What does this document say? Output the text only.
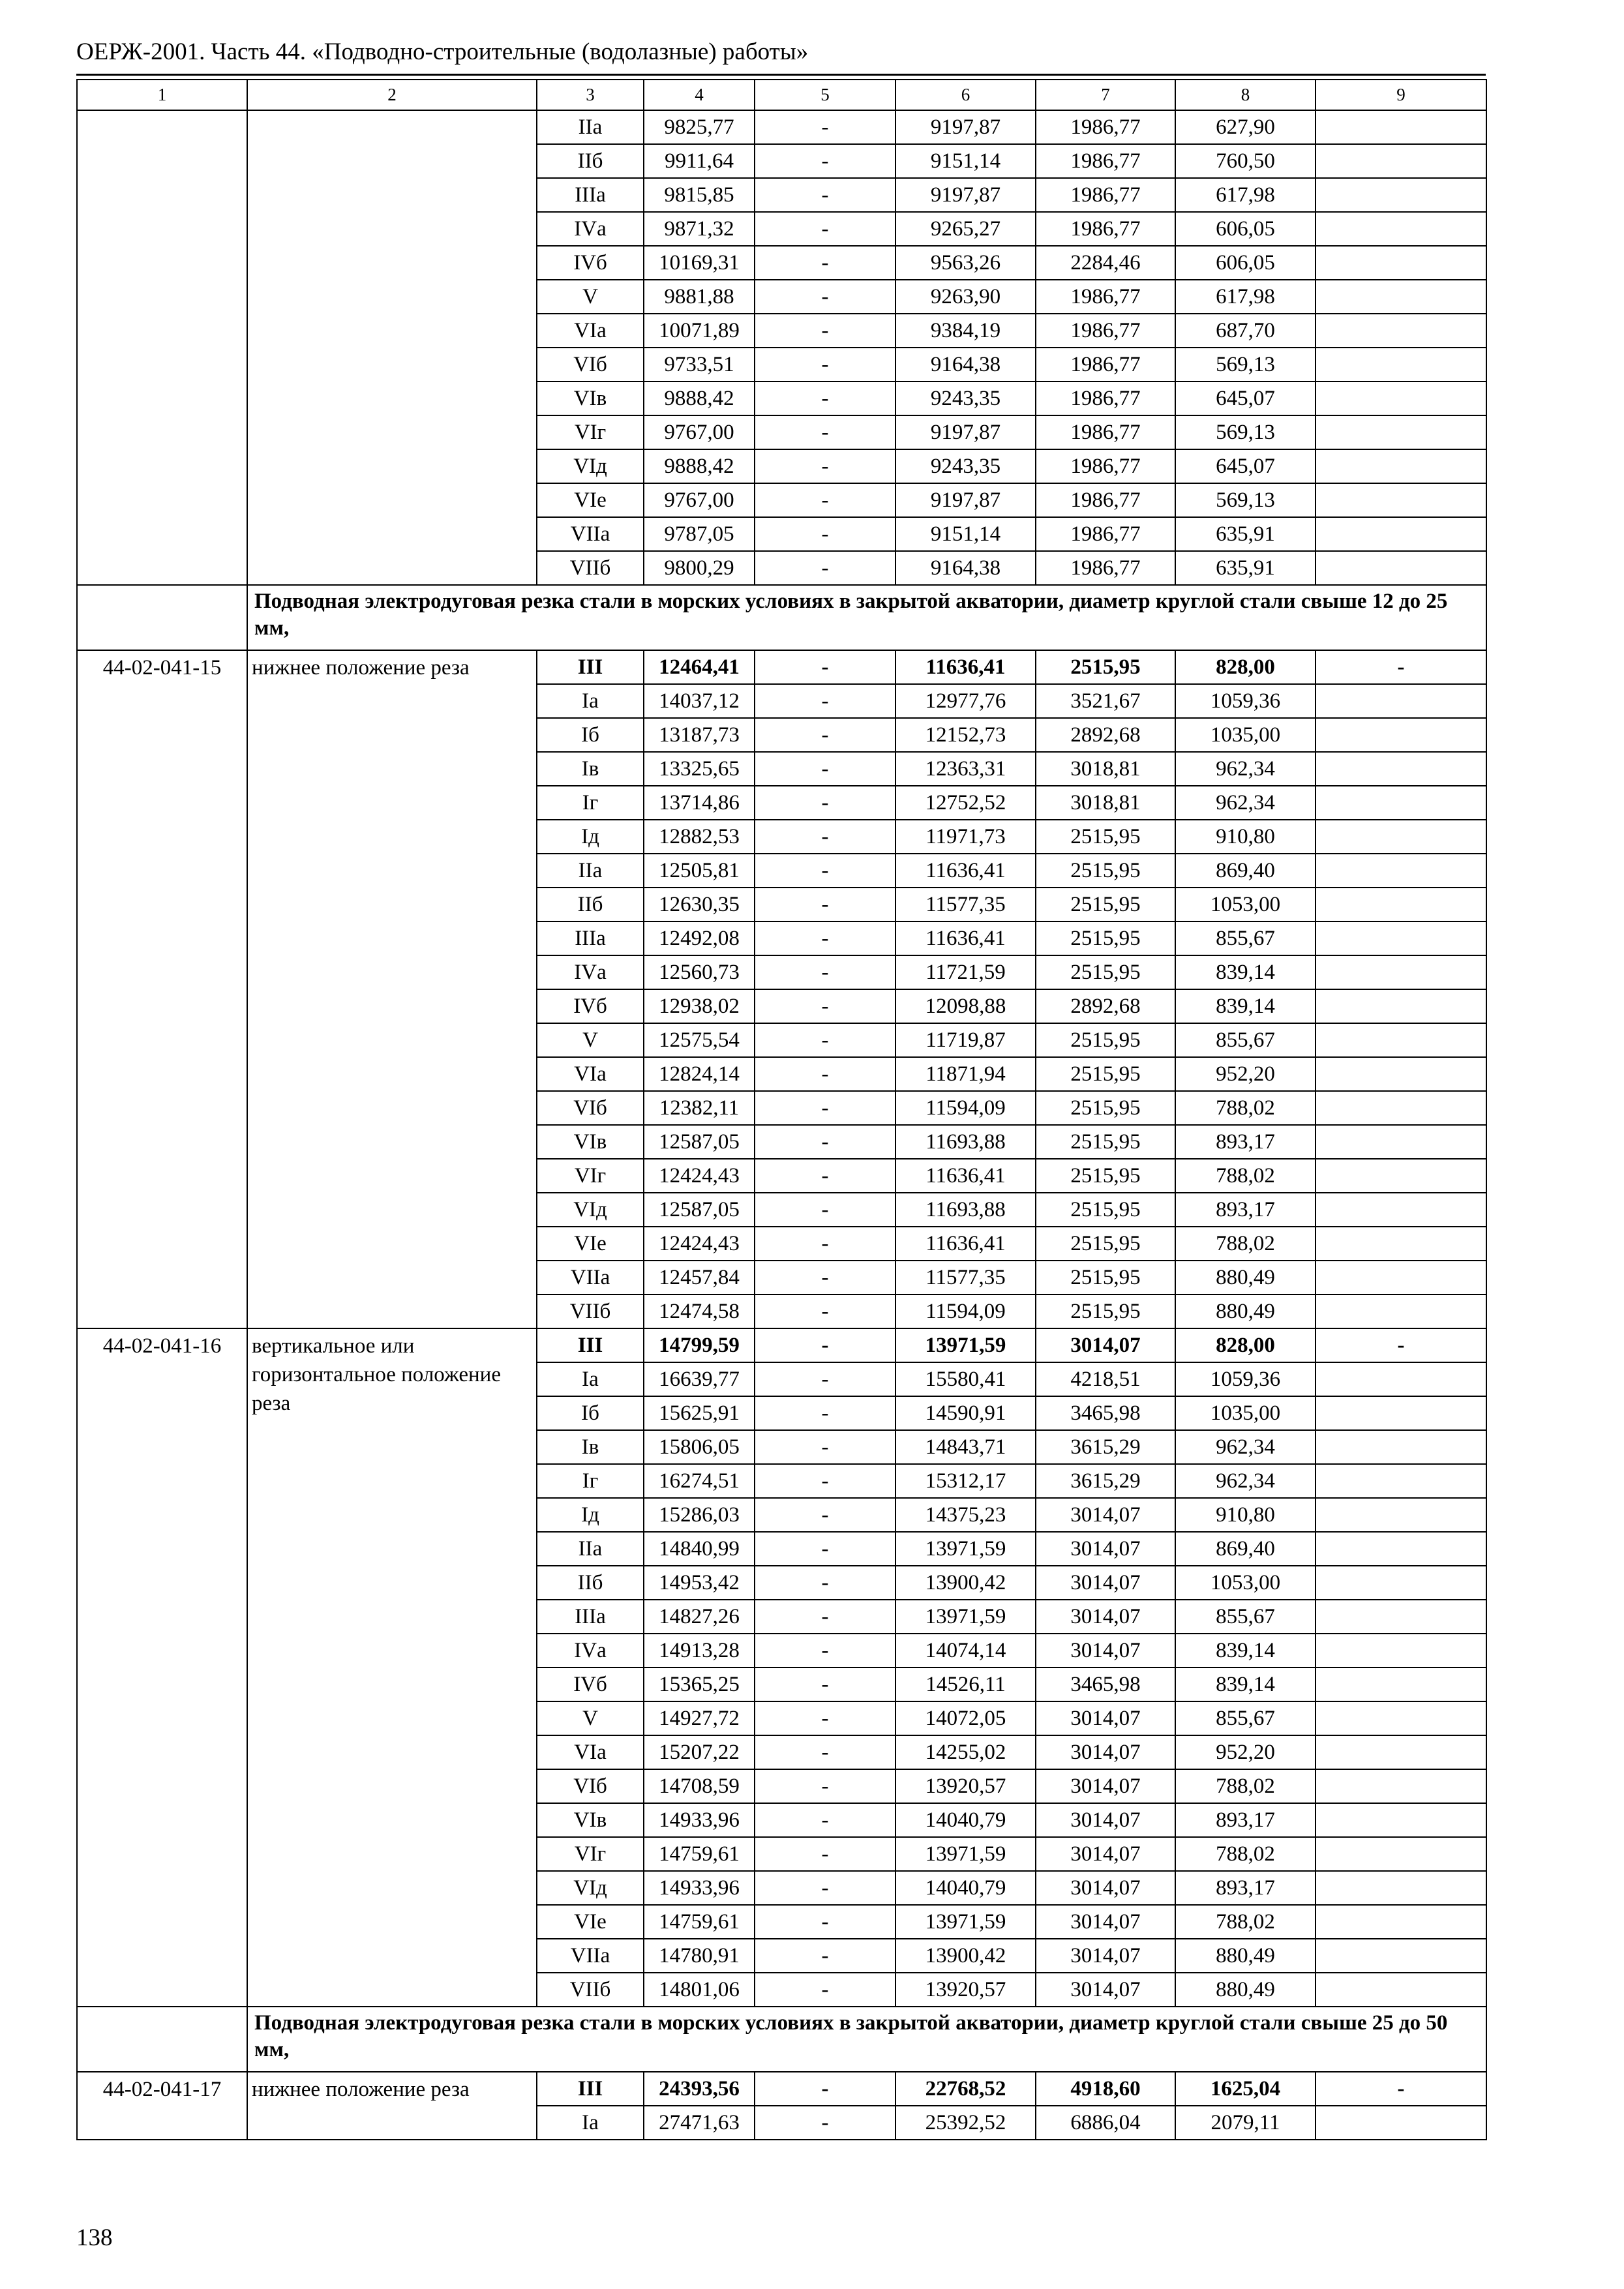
ОЕРЖ-2001. Часть 44. «Подводно-строительные (водолазные) работы»
1	2	3	4	5	6	7	8	9
		IIа	9825,77	-	9197,87	1986,77	627,90	
		IIб	9911,64	-	9151,14	1986,77	760,50	
		IIIа	9815,85	-	9197,87	1986,77	617,98	
		IVа	9871,32	-	9265,27	1986,77	606,05	
		IVб	10169,31	-	9563,26	2284,46	606,05	
		V	9881,88	-	9263,90	1986,77	617,98	
		VIа	10071,89	-	9384,19	1986,77	687,70	
		VIб	9733,51	-	9164,38	1986,77	569,13	
		VIв	9888,42	-	9243,35	1986,77	645,07	
		VIг	9767,00	-	9197,87	1986,77	569,13	
		VIд	9888,42	-	9243,35	1986,77	645,07	
		VIе	9767,00	-	9197,87	1986,77	569,13	
		VIIа	9787,05	-	9151,14	1986,77	635,91	
		VIIб	9800,29	-	9164,38	1986,77	635,91	
	Подводная электродуговая резка стали в морских условиях в закрытой акватории, диаметр круглой стали свыше 12 до 25 мм,							
44-02-041-15	нижнее положение реза	III	12464,41	-	11636,41	2515,95	828,00	-
		Iа	14037,12	-	12977,76	3521,67	1059,36	
		Iб	13187,73	-	12152,73	2892,68	1035,00	
		Iв	13325,65	-	12363,31	3018,81	962,34	
		Iг	13714,86	-	12752,52	3018,81	962,34	
		Iд	12882,53	-	11971,73	2515,95	910,80	
		IIа	12505,81	-	11636,41	2515,95	869,40	
		IIб	12630,35	-	11577,35	2515,95	1053,00	
		IIIа	12492,08	-	11636,41	2515,95	855,67	
		IVа	12560,73	-	11721,59	2515,95	839,14	
		IVб	12938,02	-	12098,88	2892,68	839,14	
		V	12575,54	-	11719,87	2515,95	855,67	
		VIа	12824,14	-	11871,94	2515,95	952,20	
		VIб	12382,11	-	11594,09	2515,95	788,02	
		VIв	12587,05	-	11693,88	2515,95	893,17	
		VIг	12424,43	-	11636,41	2515,95	788,02	
		VIд	12587,05	-	11693,88	2515,95	893,17	
		VIе	12424,43	-	11636,41	2515,95	788,02	
		VIIа	12457,84	-	11577,35	2515,95	880,49	
		VIIб	12474,58	-	11594,09	2515,95	880,49	
44-02-041-16	вертикальное или горизонтальное положение реза	III	14799,59	-	13971,59	3014,07	828,00	-
		Iа	16639,77	-	15580,41	4218,51	1059,36	
		Iб	15625,91	-	14590,91	3465,98	1035,00	
		Iв	15806,05	-	14843,71	3615,29	962,34	
		Iг	16274,51	-	15312,17	3615,29	962,34	
		Iд	15286,03	-	14375,23	3014,07	910,80	
		IIа	14840,99	-	13971,59	3014,07	869,40	
		IIб	14953,42	-	13900,42	3014,07	1053,00	
		IIIа	14827,26	-	13971,59	3014,07	855,67	
		IVа	14913,28	-	14074,14	3014,07	839,14	
		IVб	15365,25	-	14526,11	3465,98	839,14	
		V	14927,72	-	14072,05	3014,07	855,67	
		VIа	15207,22	-	14255,02	3014,07	952,20	
		VIб	14708,59	-	13920,57	3014,07	788,02	
		VIв	14933,96	-	14040,79	3014,07	893,17	
		VIг	14759,61	-	13971,59	3014,07	788,02	
		VIд	14933,96	-	14040,79	3014,07	893,17	
		VIе	14759,61	-	13971,59	3014,07	788,02	
		VIIа	14780,91	-	13900,42	3014,07	880,49	
		VIIб	14801,06	-	13920,57	3014,07	880,49	
	Подводная электродуговая резка стали в морских условиях в закрытой акватории, диаметр круглой стали свыше 25 до 50 мм,							
44-02-041-17	нижнее положение реза	III	24393,56	-	22768,52	4918,60	1625,04	-
		Iа	27471,63	-	25392,52	6886,04	2079,11	
138
